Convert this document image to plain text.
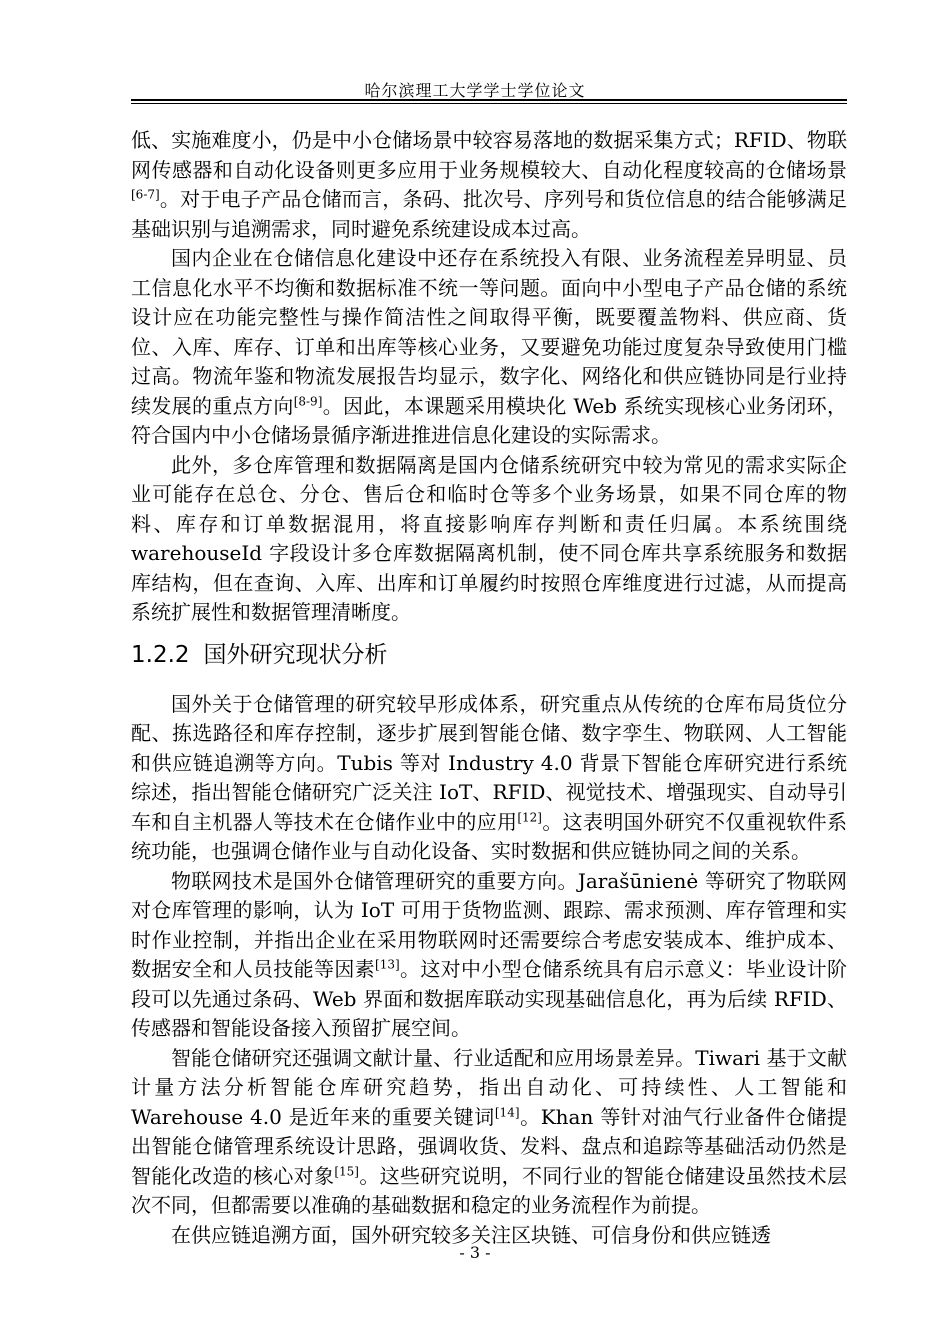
哈尔滨理工大学学士学位论文

低、实施难度小，仍是中小仓储场景中较容易落地的数据采集方式；RFID、物联网传感器和自动化设备则更多应用于业务规模较大、自动化程度较高的仓储场景[6-7]。对于电子产品仓储而言，条码、批次号、序列号和货位信息的结合能够满足基础识别与追溯需求，同时避免系统建设成本过高。

国内企业在仓储信息化建设中还存在系统投入有限、业务流程差异明显、员工信息化水平不均衡和数据标准不统一等问题。面向中小型电子产品仓储的系统设计应在功能完整性与操作简洁性之间取得平衡，既要覆盖物料、供应商、货位、入库、库存、订单和出库等核心业务，又要避免功能过度复杂导致使用门槛过高。物流年鉴和物流发展报告均显示，数字化、网络化和供应链协同是行业持续发展的重点方向[8-9]。因此，本课题采用模块化 Web 系统实现核心业务闭环，符合国内中小仓储场景循序渐进推进信息化建设的实际需求。

此外，多仓库管理和数据隔离是国内仓储系统研究中较为常见的需求实际企业可能存在总仓、分仓、售后仓和临时仓等多个业务场景，如果不同仓库的物料、库存和订单数据混用，将直接影响库存判断和责任归属。本系统围绕 warehouseId 字段设计多仓库数据隔离机制，使不同仓库共享系统服务和数据库结构，但在查询、入库、出库和订单履约时按照仓库维度进行过滤，从而提高系统扩展性和数据管理清晰度。

1.2.2 国外研究现状分析

国外关于仓储管理的研究较早形成体系，研究重点从传统的仓库布局货位分配、拣选路径和库存控制，逐步扩展到智能仓储、数字孪生、物联网、人工智能和供应链追溯等方向。Tubis 等对 Industry 4.0 背景下智能仓库研究进行系统综述，指出智能仓储研究广泛关注 IoT、RFID、视觉技术、增强现实、自动导引车和自主机器人等技术在仓储作业中的应用[12]。这表明国外研究不仅重视软件系统功能，也强调仓储作业与自动化设备、实时数据和供应链协同之间的关系。

物联网技术是国外仓储管理研究的重要方向。Jarašūnienė 等研究了物联网对仓库管理的影响，认为 IoT 可用于货物监测、跟踪、需求预测、库存管理和实时作业控制，并指出企业在采用物联网时还需要综合考虑安装成本、维护成本、数据安全和人员技能等因素[13]。这对中小型仓储系统具有启示意义：毕业设计阶段可以先通过条码、Web 界面和数据库联动实现基础信息化，再为后续 RFID、传感器和智能设备接入预留扩展空间。

智能仓储研究还强调文献计量、行业适配和应用场景差异。Tiwari 基于文献计量方法分析智能仓库研究趋势，指出自动化、可持续性、人工智能和 Warehouse 4.0 是近年来的重要关键词[14]。Khan 等针对油气行业备件仓储提出智能仓储管理系统设计思路，强调收货、发料、盘点和追踪等基础活动仍然是智能化改造的核心对象[15]。这些研究说明，不同行业的智能仓储建设虽然技术层次不同，但都需要以准确的基础数据和稳定的业务流程作为前提。

在供应链追溯方面，国外研究较多关注区块链、可信身份和供应链透

- 3 -
